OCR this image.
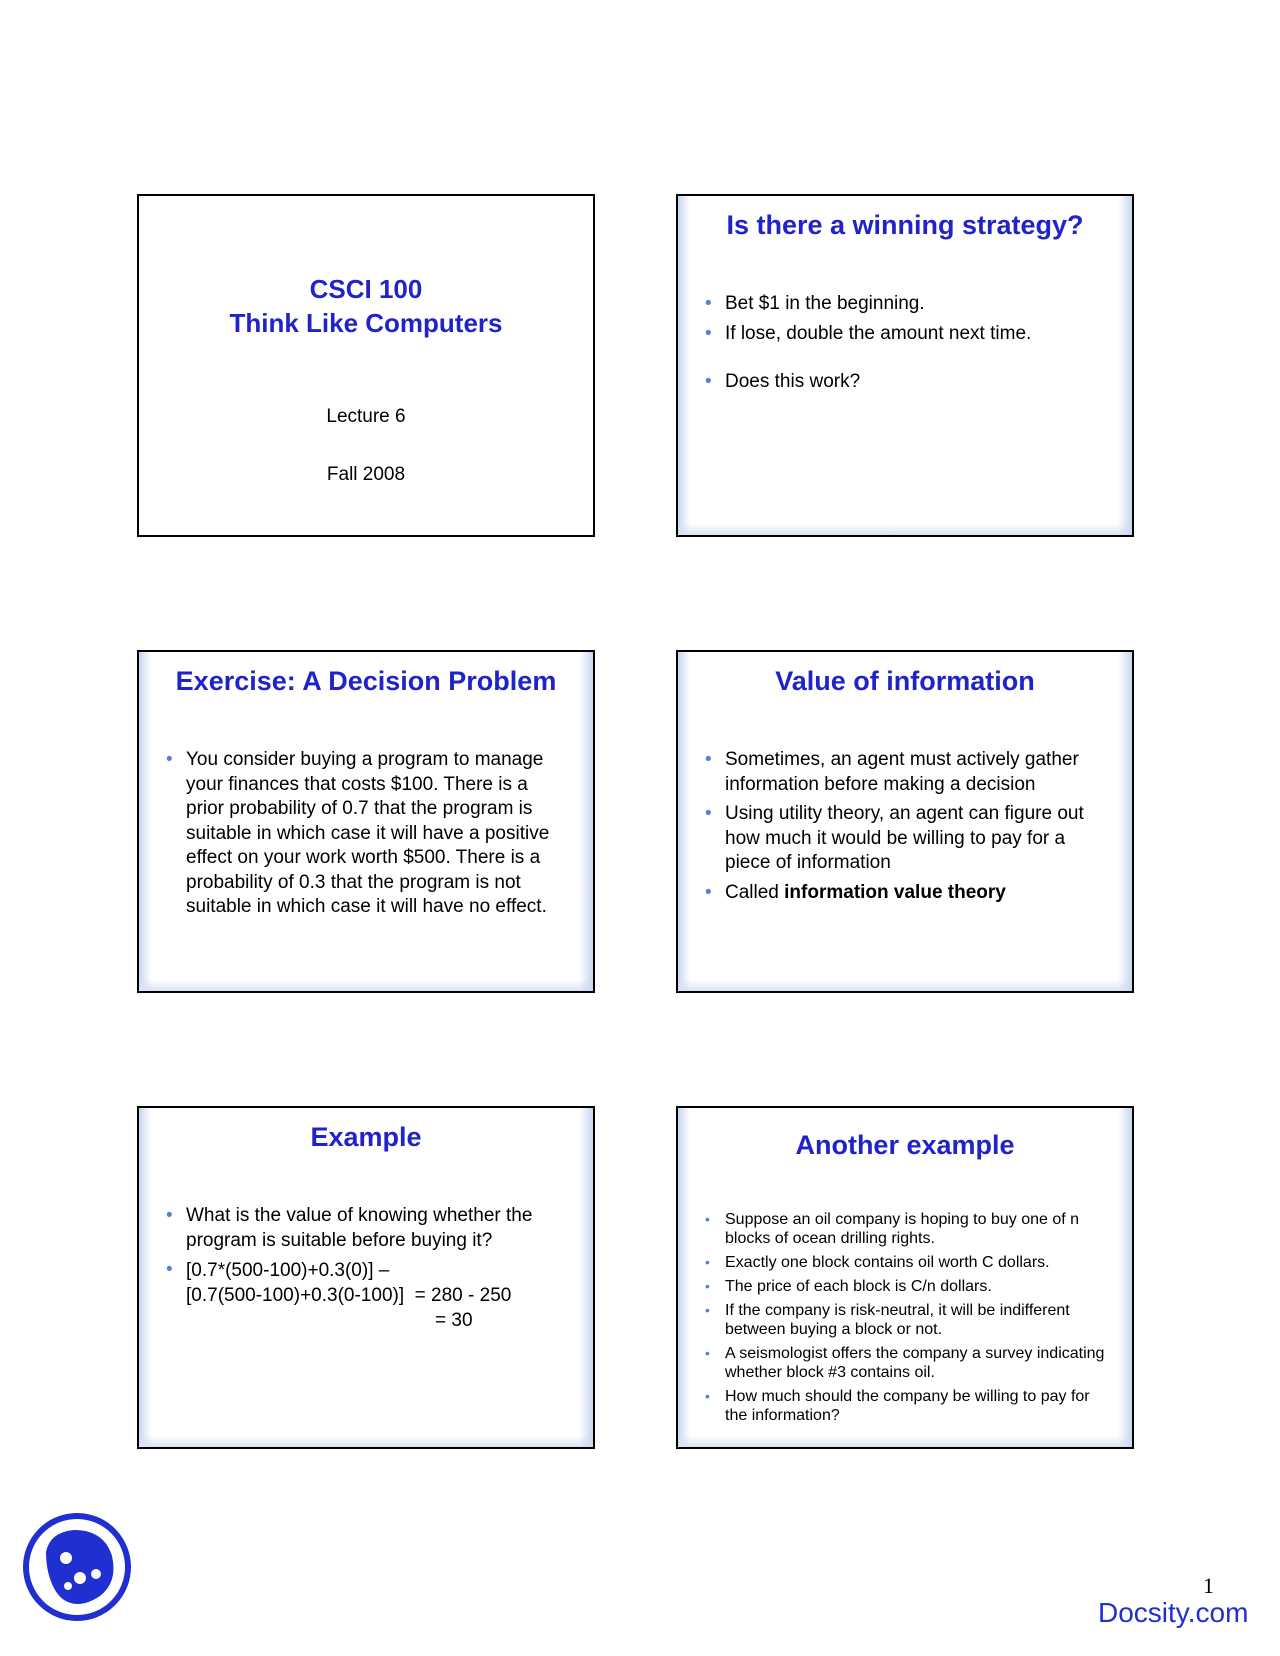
CSCI 100
Think Like Computers
Lecture 6
Fall 2008
Is there a winning strategy?
• Bet $1 in the beginning.
• If lose, double the amount next time.
• Does this work?
Exercise: A Decision Problem
• You consider buying a program to manage your finances that costs $100. There is a prior probability of 0.7 that the program is suitable in which case it will have a positive effect on your work worth $500. There is a probability of 0.3 that the program is not suitable in which case it will have no effect.
Value of information
• Sometimes, an agent must actively gather information before making a decision
• Using utility theory, an agent can figure out how much it would be willing to pay for a piece of information
• Called information value theory
Example
• What is the value of knowing whether the program is suitable before buying it?
• [0.7*(500-100)+0.3(0)] –
[0.7(500-100)+0.3(0-100)]  = 280 - 250
= 30
Another example
• Suppose an oil company is hoping to buy one of n blocks of ocean drilling rights.
• Exactly one block contains oil worth C dollars.
• The price of each block is C/n dollars.
• If the company is risk-neutral, it will be indifferent between buying a block or not.
• A seismologist offers the company a survey indicating whether block #3 contains oil.
• How much should the company be willing to pay for the information?
1
Docsity.com
